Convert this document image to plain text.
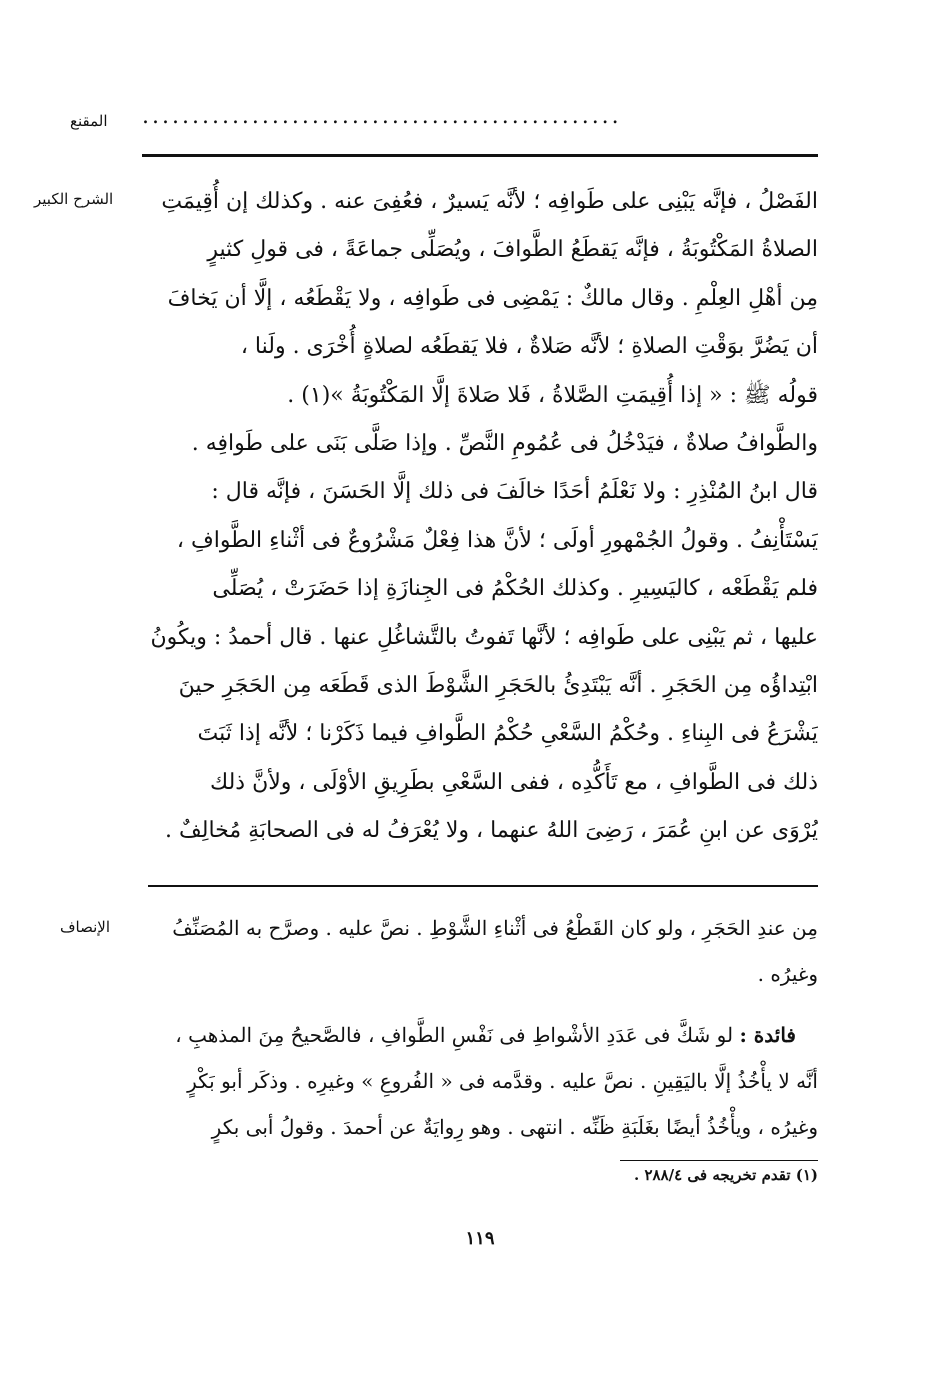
المقنع ................................................
الشرح الكبير	الفَصْلُ ، فإنَّه يَبْنِى على طَوافِه ؛ لأنَّه يَسيرٌ ، فعُفِىَ عنه . وكذلك إن أُقِيمَتِ
الصلاةُ المَكْتُوبَةُ ، فإنَّه يَقطَعُ الطَّوافَ ، ويُصَلِّى جماعَةً ، فى قولِ كثيرٍ
مِن أهْلِ العِلْمِ . وقال مالكٌ : يَمْضِى فى طَوافِه ، ولا يَقْطَعُه ، إلَّا أن يَخافَ
أن يَضُرَّ بوَقْتِ الصلاةِ ؛ لأنَّه صَلاةٌ ، فلا يَقطَعُه لصلاةٍ أُخْرَى . ولَنا ،
قولُه ﷺ : « إذا أُقِيمَتِ الصَّلاةُ ، فَلا صَلاةَ إلَّا المَكْتُوبَةُ »(١) .
والطَّوافُ صلاةٌ ، فيَدْخُلُ فى عُمُومِ النَّصِّ . وإذا صَلَّى بَنَى على طَوافِه .
قال ابنُ المُنْذِرِ : ولا نَعْلَمُ أحَدًا خالَفَ فى ذلك إلَّا الحَسَنَ ، فإنَّه قال :
يَسْتَأْنِفُ . وقولُ الجُمْهورِ أولَى ؛ لأنَّ هذا فِعْلٌ مَشْرُوعٌ فى أثْناءِ الطَّوافِ ،
فلم يَقْطَعْه ، كاليَسِيرِ . وكذلك الحُكْمُ فى الجِنازَةِ إذا حَضَرَتْ ، يُصَلِّى
عليها ، ثم يَبْنِى على طَوافِه ؛ لأنَّها تَفوتُ بالتَّشاغُلِ عنها . قال أحمدُ : ويكُونُ
ابْتِداؤُه مِن الحَجَرِ . أنَّه يَبْتَدِئُ بالحَجَرِ الشَّوْطَ الذى قَطَعَه مِن الحَجَرِ حينَ
يَشْرَعُ فى البِناءِ . وحُكْمُ السَّعْىِ حُكْمُ الطَّوافِ فيما ذَكَرْنا ؛ لأنَّه إذا ثَبَتَ
ذلك فى الطَّوافِ ، مع تَأَكُّدِه ، ففى السَّعْىِ بطَرِيقِ الأوْلَى ، ولأنَّ ذلك
يُرْوَى عن ابنِ عُمَرَ ، رَضِىَ اللهُ عنهما ، ولا يُعْرَفُ له فى الصحابَةِ مُخالِفٌ .
الإنصاف	مِن عندِ الحَجَرِ ، ولو كان القَطْعُ فى أثْناءِ الشَّوْطِ . نصَّ عليه . وصرَّح به المُصَنِّفُ
وغيرُه .
فائدة : لو شَكَّ فى عَدَدِ الأشْواطِ فى نَفْسِ الطَّوافِ ، فالصَّحيحُ مِنَ المذهبِ ،
أنَّه لا يأْخُذُ إلَّا باليَقِينِ . نصَّ عليه . وقدَّمه فى « الفُروعِ » وغيرِه . وذكَر أبو بَكْرٍ
وغيرُه ، ويأْخُذُ أيضًا بغَلَبَةِ ظَنِّه . انتهى . وهو رِوايَةٌ عن أحمدَ . وقولُ أبى بكرٍ
(١) تقدم تخريجه فى ٢٨٨/٤ .
١١٩
